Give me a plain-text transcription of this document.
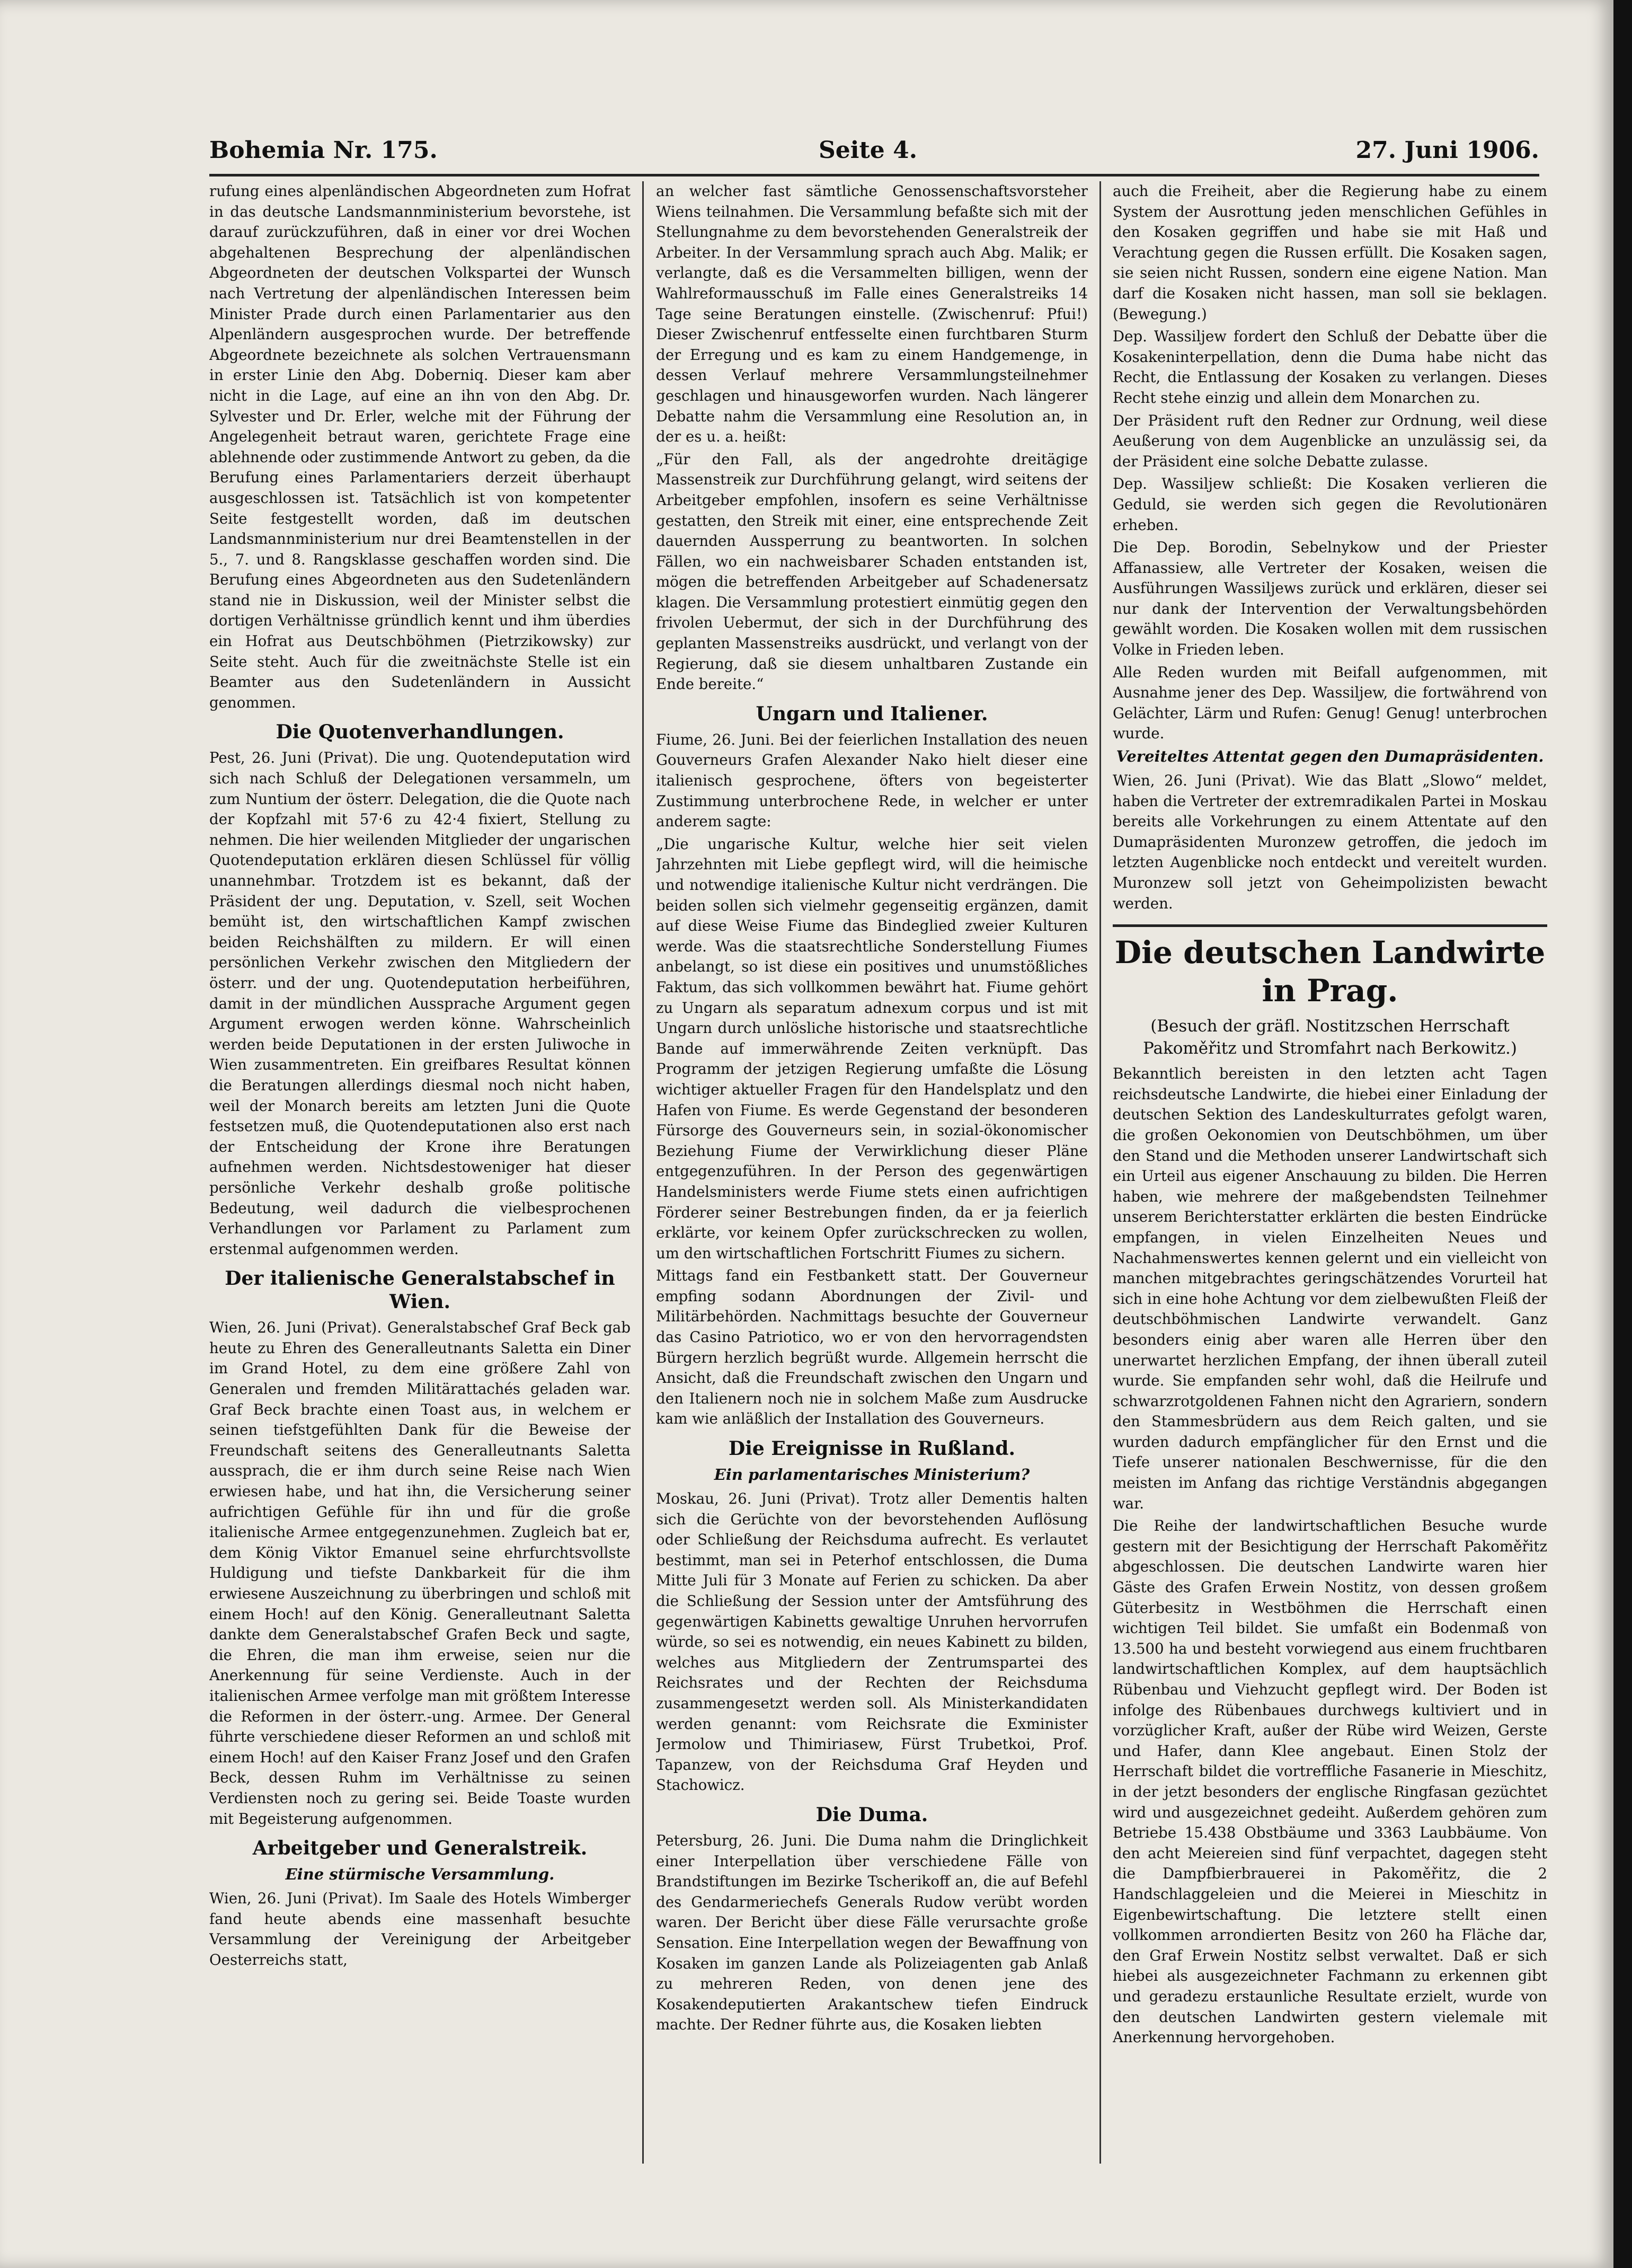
Bohemia Nr. 175.	Seite 4.	27. Juni 1906.

rufung eines alpenländischen Abgeordneten zum Hofrat in das deutsche Landsmannministerium bevorstehe, ist darauf zurückzuführen, daß in einer vor drei Wochen abgehaltenen Besprechung der alpenländischen Abgeordneten der deutschen Volkspartei der Wunsch nach Vertretung der alpenländischen Interessen beim Minister Prade durch einen Parlamentarier aus den Alpenländern ausgesprochen wurde. Der betreffende Abgeordnete bezeichnete als solchen Vertrauensmann in erster Linie den Abg. Doberniq. Dieser kam aber nicht in die Lage, auf eine an ihn von den Abg. Dr. Sylvester und Dr. Erler, welche mit der Führung der Angelegenheit betraut waren, gerichtete Frage eine ablehnende oder zustimmende Antwort zu geben, da die Berufung eines Parlamentariers derzeit überhaupt ausgeschlossen ist. Tatsächlich ist von kompetenter Seite festgestellt worden, daß im deutschen Landsmannministerium nur drei Beamtenstellen in der 5., 7. und 8. Rangsklasse geschaffen worden sind. Die Berufung eines Abgeordneten aus den Sudetenländern stand nie in Diskussion, weil der Minister selbst die dortigen Verhältnisse gründlich kennt und ihm überdies ein Hofrat aus Deutschböhmen (Pietrzikowsky) zur Seite steht. Auch für die zweitnächste Stelle ist ein Beamter aus den Sudetenländern in Aussicht genommen.

Die Quotenverhandlungen.

Pest, 26. Juni (Privat). Die ung. Quotendeputation wird sich nach Schluß der Delegationen versammeln, um zum Nuntium der österr. Delegation, die die Quote nach der Kopfzahl mit 57·6 zu 42·4 fixiert, Stellung zu nehmen. Die hier weilenden Mitglieder der ungarischen Quotendeputation erklären diesen Schlüssel für völlig unannehmbar. Trotzdem ist es bekannt, daß der Präsident der ung. Deputation, v. Szell, seit Wochen bemüht ist, den wirtschaftlichen Kampf zwischen beiden Reichshälften zu mildern. Er will einen persönlichen Verkehr zwischen den Mitgliedern der österr. und der ung. Quotendeputation herbeiführen, damit in der mündlichen Aussprache Argument gegen Argument erwogen werden könne. Wahrscheinlich werden beide Deputationen in der ersten Juliwoche in Wien zusammentreten. Ein greifbares Resultat können die Beratungen allerdings diesmal noch nicht haben, weil der Monarch bereits am letzten Juni die Quote festsetzen muß, die Quotendeputationen also erst nach der Entscheidung der Krone ihre Beratungen aufnehmen werden. Nichtsdestoweniger hat dieser persönliche Verkehr deshalb große politische Bedeutung, weil dadurch die vielbesprochenen Verhandlungen vor Parlament zu Parlament zum erstenmal aufgenommen werden.

Der italienische Generalstabschef in Wien.

Wien, 26. Juni (Privat). Generalstabschef Graf Beck gab heute zu Ehren des Generalleutnants Saletta ein Diner im Grand Hotel, zu dem eine größere Zahl von Generalen und fremden Militärattachés geladen war. Graf Beck brachte einen Toast aus, in welchem er seinen tiefstgefühlten Dank für die Beweise der Freundschaft seitens des Generalleutnants Saletta aussprach, die er ihm durch seine Reise nach Wien erwiesen habe, und hat ihn, die Versicherung seiner aufrichtigen Gefühle für ihn und für die große italienische Armee entgegenzunehmen. Zugleich bat er, dem König Viktor Emanuel seine ehrfurchtsvollste Huldigung und tiefste Dankbarkeit für die ihm erwiesene Auszeichnung zu überbringen und schloß mit einem Hoch! auf den König. Generalleutnant Saletta dankte dem Generalstabschef Grafen Beck und sagte, die Ehren, die man ihm erweise, seien nur die Anerkennung für seine Verdienste. Auch in der italienischen Armee verfolge man mit größtem Interesse die Reformen in der österr.-ung. Armee. Der General führte verschiedene dieser Reformen an und schloß mit einem Hoch! auf den Kaiser Franz Josef und den Grafen Beck, dessen Ruhm im Verhältnisse zu seinen Verdiensten noch zu gering sei. Beide Toaste wurden mit Begeisterung aufgenommen.

Arbeitgeber und Generalstreik.
Eine stürmische Versammlung.

Wien, 26. Juni (Privat). Im Saale des Hotels Wimberger fand heute abends eine massenhaft besuchte Versammlung der Vereinigung der Arbeitgeber Oesterreichs statt,

an welcher fast sämtliche Genossenschaftsvorsteher Wiens teilnahmen. Die Versammlung befaßte sich mit der Stellungnahme zu dem bevorstehenden Generalstreik der Arbeiter. In der Versammlung sprach auch Abg. Malik; er verlangte, daß es die Versammelten billigen, wenn der Wahlreformausschuß im Falle eines Generalstreiks 14 Tage seine Beratungen einstelle. (Zwischenruf: Pfui!) Dieser Zwischenruf entfesselte einen furchtbaren Sturm der Erregung und es kam zu einem Handgemenge, in dessen Verlauf mehrere Versammlungsteilnehmer geschlagen und hinausgeworfen wurden. Nach längerer Debatte nahm die Versammlung eine Resolution an, in der es u. a. heißt:

„Für den Fall, als der angedrohte dreitägige Massenstreik zur Durchführung gelangt, wird seitens der Arbeitgeber empfohlen, insofern es seine Verhältnisse gestatten, den Streik mit einer, eine entsprechende Zeit dauernden Aussperrung zu beantworten. In solchen Fällen, wo ein nachweisbarer Schaden entstanden ist, mögen die betreffenden Arbeitgeber auf Schadenersatz klagen. Die Versammlung protestiert einmütig gegen den frivolen Uebermut, der sich in der Durchführung des geplanten Massenstreiks ausdrückt, und verlangt von der Regierung, daß sie diesem unhaltbaren Zustande ein Ende bereite.“

Ungarn und Italiener.

Fiume, 26. Juni. Bei der feierlichen Installation des neuen Gouverneurs Grafen Alexander Nako hielt dieser eine italienisch gesprochene, öfters von begeisterter Zustimmung unterbrochene Rede, in welcher er unter anderem sagte:

„Die ungarische Kultur, welche hier seit vielen Jahrzehnten mit Liebe gepflegt wird, will die heimische und notwendige italienische Kultur nicht verdrängen. Die beiden sollen sich vielmehr gegenseitig ergänzen, damit auf diese Weise Fiume das Bindeglied zweier Kulturen werde. Was die staatsrechtliche Sonderstellung Fiumes anbelangt, so ist diese ein positives und unumstößliches Faktum, das sich vollkommen bewährt hat. Fiume gehört zu Ungarn als separatum adnexum corpus und ist mit Ungarn durch unlösliche historische und staatsrechtliche Bande auf immerwährende Zeiten verknüpft. Das Programm der jetzigen Regierung umfaßte die Lösung wichtiger aktueller Fragen für den Handelsplatz und den Hafen von Fiume. Es werde Gegenstand der besonderen Fürsorge des Gouverneurs sein, in sozial-ökonomischer Beziehung Fiume der Verwirklichung dieser Pläne entgegenzuführen. In der Person des gegenwärtigen Handelsministers werde Fiume stets einen aufrichtigen Förderer seiner Bestrebungen finden, da er ja feierlich erklärte, vor keinem Opfer zurückschrecken zu wollen, um den wirtschaftlichen Fortschritt Fiumes zu sichern.

Mittags fand ein Festbankett statt. Der Gouverneur empfing sodann Abordnungen der Zivil- und Militärbehörden. Nachmittags besuchte der Gouverneur das Casino Patriotico, wo er von den hervorragendsten Bürgern herzlich begrüßt wurde. Allgemein herrscht die Ansicht, daß die Freundschaft zwischen den Ungarn und den Italienern noch nie in solchem Maße zum Ausdrucke kam wie anläßlich der Installation des Gouverneurs.

Die Ereignisse in Rußland.
Ein parlamentarisches Ministerium?

Moskau, 26. Juni (Privat). Trotz aller Dementis halten sich die Gerüchte von der bevorstehenden Auflösung oder Schließung der Reichsduma aufrecht. Es verlautet bestimmt, man sei in Peterhof entschlossen, die Duma Mitte Juli für 3 Monate auf Ferien zu schicken. Da aber die Schließung der Session unter der Amtsführung des gegenwärtigen Kabinetts gewaltige Unruhen hervorrufen würde, so sei es notwendig, ein neues Kabinett zu bilden, welches aus Mitgliedern der Zentrumspartei des Reichsrates und der Rechten der Reichsduma zusammengesetzt werden soll. Als Ministerkandidaten werden genannt: vom Reichsrate die Exminister Jermolow und Thimiriasew, Fürst Trubetkoi, Prof. Tapanzew, von der Reichsduma Graf Heyden und Stachowicz.

Die Duma.

Petersburg, 26. Juni. Die Duma nahm die Dringlichkeit einer Interpellation über verschiedene Fälle von Brandstiftungen im Bezirke Tscherikoff an, die auf Befehl des Gendarmeriechefs Generals Rudow verübt worden waren. Der Bericht über diese Fälle verursachte große Sensation. Eine Interpellation wegen der Bewaffnung von Kosaken im ganzen Lande als Polizeiagenten gab Anlaß zu mehreren Reden, von denen jene des Kosakendeputierten Arakantschew tiefen Eindruck machte. Der Redner führte aus, die Kosaken liebten

auch die Freiheit, aber die Regierung habe zu einem System der Ausrottung jeden menschlichen Gefühles in den Kosaken gegriffen und habe sie mit Haß und Verachtung gegen die Russen erfüllt. Die Kosaken sagen, sie seien nicht Russen, sondern eine eigene Nation. Man darf die Kosaken nicht hassen, man soll sie beklagen. (Bewegung.)

Dep. Wassiljew fordert den Schluß der Debatte über die Kosakeninterpellation, denn die Duma habe nicht das Recht, die Entlassung der Kosaken zu verlangen. Dieses Recht stehe einzig und allein dem Monarchen zu.

Der Präsident ruft den Redner zur Ordnung, weil diese Aeußerung von dem Augenblicke an unzulässig sei, da der Präsident eine solche Debatte zulasse.

Dep. Wassiljew schließt: Die Kosaken verlieren die Geduld, sie werden sich gegen die Revolutionären erheben.

Die Dep. Borodin, Sebelnykow und der Priester Affanassiew, alle Vertreter der Kosaken, weisen die Ausführungen Wassiljews zurück und erklären, dieser sei nur dank der Intervention der Verwaltungsbehörden gewählt worden. Die Kosaken wollen mit dem russischen Volke in Frieden leben.

Alle Reden wurden mit Beifall aufgenommen, mit Ausnahme jener des Dep. Wassiljew, die fortwährend von Gelächter, Lärm und Rufen: Genug! Genug! unterbrochen wurde.

Vereiteltes Attentat gegen den Dumapräsidenten.

Wien, 26. Juni (Privat). Wie das Blatt „Slowo“ meldet, haben die Vertreter der extremradikalen Partei in Moskau bereits alle Vorkehrungen zu einem Attentate auf den Dumapräsidenten Muronzew getroffen, die jedoch im letzten Augenblicke noch entdeckt und vereitelt wurden. Muronzew soll jetzt von Geheimpolizisten bewacht werden.

Die deutschen Landwirte in Prag.
(Besuch der gräfl. Nostitzschen Herrschaft Pakoměřitz und Stromfahrt nach Berkowitz.)

Bekanntlich bereisten in den letzten acht Tagen reichsdeutsche Landwirte, die hiebei einer Einladung der deutschen Sektion des Landeskulturrates gefolgt waren, die großen Oekonomien von Deutschböhmen, um über den Stand und die Methoden unserer Landwirtschaft sich ein Urteil aus eigener Anschauung zu bilden. Die Herren haben, wie mehrere der maßgebendsten Teilnehmer unserem Berichterstatter erklärten die besten Eindrücke empfangen, in vielen Einzelheiten Neues und Nachahmenswertes kennen gelernt und ein vielleicht von manchen mitgebrachtes geringschätzendes Vorurteil hat sich in eine hohe Achtung vor dem zielbewußten Fleiß der deutschböhmischen Landwirte verwandelt. Ganz besonders einig aber waren alle Herren über den unerwartet herzlichen Empfang, der ihnen überall zuteil wurde. Sie empfanden sehr wohl, daß die Heilrufe und schwarzrotgoldenen Fahnen nicht den Agrariern, sondern den Stammesbrüdern aus dem Reich galten, und sie wurden dadurch empfänglicher für den Ernst und die Tiefe unserer nationalen Beschwernisse, für die den meisten im Anfang das richtige Verständnis abgegangen war.

Die Reihe der landwirtschaftlichen Besuche wurde gestern mit der Besichtigung der Herrschaft Pakoměřitz abgeschlossen. Die deutschen Landwirte waren hier Gäste des Grafen Erwein Nostitz, von dessen großem Güterbesitz in Westböhmen die Herrschaft einen wichtigen Teil bildet. Sie umfaßt ein Bodenmaß von 13.500 ha und besteht vorwiegend aus einem fruchtbaren landwirtschaftlichen Komplex, auf dem hauptsächlich Rübenbau und Viehzucht gepflegt wird. Der Boden ist infolge des Rübenbaues durchwegs kultiviert und in vorzüglicher Kraft, außer der Rübe wird Weizen, Gerste und Hafer, dann Klee angebaut. Einen Stolz der Herrschaft bildet die vortreffliche Fasanerie in Mieschitz, in der jetzt besonders der englische Ringfasan gezüchtet wird und ausgezeichnet gedeiht. Außerdem gehören zum Betriebe 15.438 Obstbäume und 3363 Laubbäume. Von den acht Meiereien sind fünf verpachtet, dagegen steht die Dampfbierbrauerei in Pakoměřitz, die 2 Handschlaggeleien und die Meierei in Mieschitz in Eigenbewirtschaftung. Die letztere stellt einen vollkommen arrondierten Besitz von 260 ha Fläche dar, den Graf Erwein Nostitz selbst verwaltet. Daß er sich hiebei als ausgezeichneter Fachmann zu erkennen gibt und geradezu erstaunliche Resultate erzielt, wurde von den deutschen Landwirten gestern vielemale mit Anerkennung hervorgehoben.
